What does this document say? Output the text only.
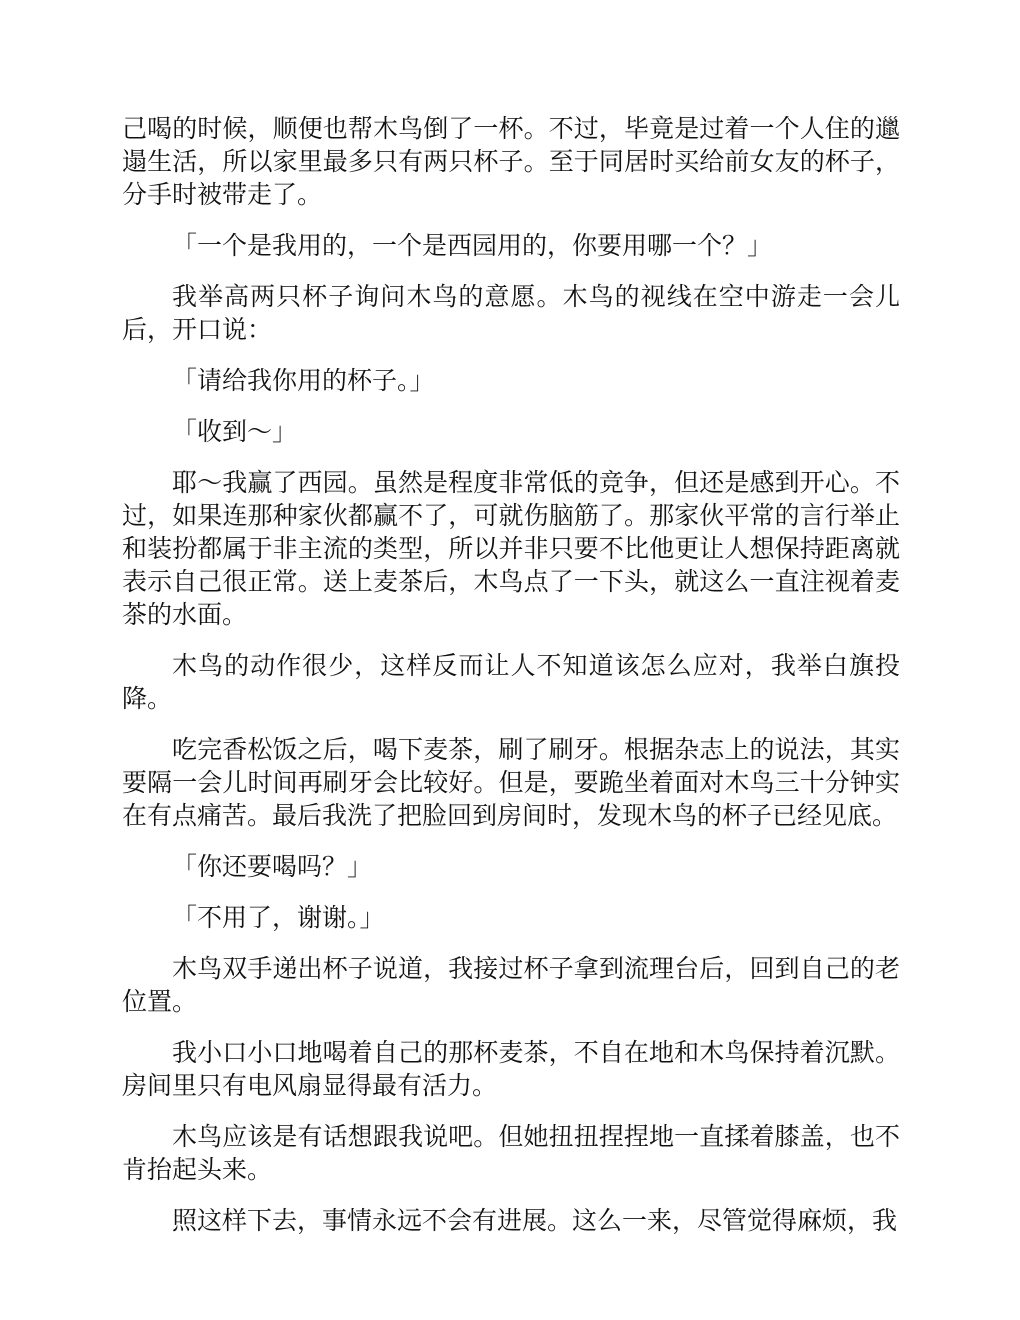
己喝的时候，顺便也帮木鸟倒了一杯。不过，毕竟是过着一个人住的邋遢生活，所以家里最多只有两只杯子。至于同居时买给前女友的杯子，分手时被带走了。

「一个是我用的，一个是西园用的，你要用哪一个？」

我举高两只杯子询问木鸟的意愿。木鸟的视线在空中游走一会儿后，开口说：

「请给我你用的杯子。」

「收到～」

耶～我赢了西园。虽然是程度非常低的竞争，但还是感到开心。不过，如果连那种家伙都赢不了，可就伤脑筋了。那家伙平常的言行举止和装扮都属于非主流的类型，所以并非只要不比他更让人想保持距离就表示自己很正常。送上麦茶后，木鸟点了一下头，就这么一直注视着麦茶的水面。

木鸟的动作很少，这样反而让人不知道该怎么应对，我举白旗投降。

吃完香松饭之后，喝下麦茶，刷了刷牙。根据杂志上的说法，其实要隔一会儿时间再刷牙会比较好。但是，要跪坐着面对木鸟三十分钟实在有点痛苦。最后我洗了把脸回到房间时，发现木鸟的杯子已经见底。

「你还要喝吗？」

「不用了，谢谢。」

木鸟双手递出杯子说道，我接过杯子拿到流理台后，回到自己的老位置。

我小口小口地喝着自己的那杯麦茶，不自在地和木鸟保持着沉默。房间里只有电风扇显得最有活力。

木鸟应该是有话想跟我说吧。但她扭扭捏捏地一直揉着膝盖，也不肯抬起头来。

照这样下去，事情永远不会有进展。这么一来，尽管觉得麻烦，我
